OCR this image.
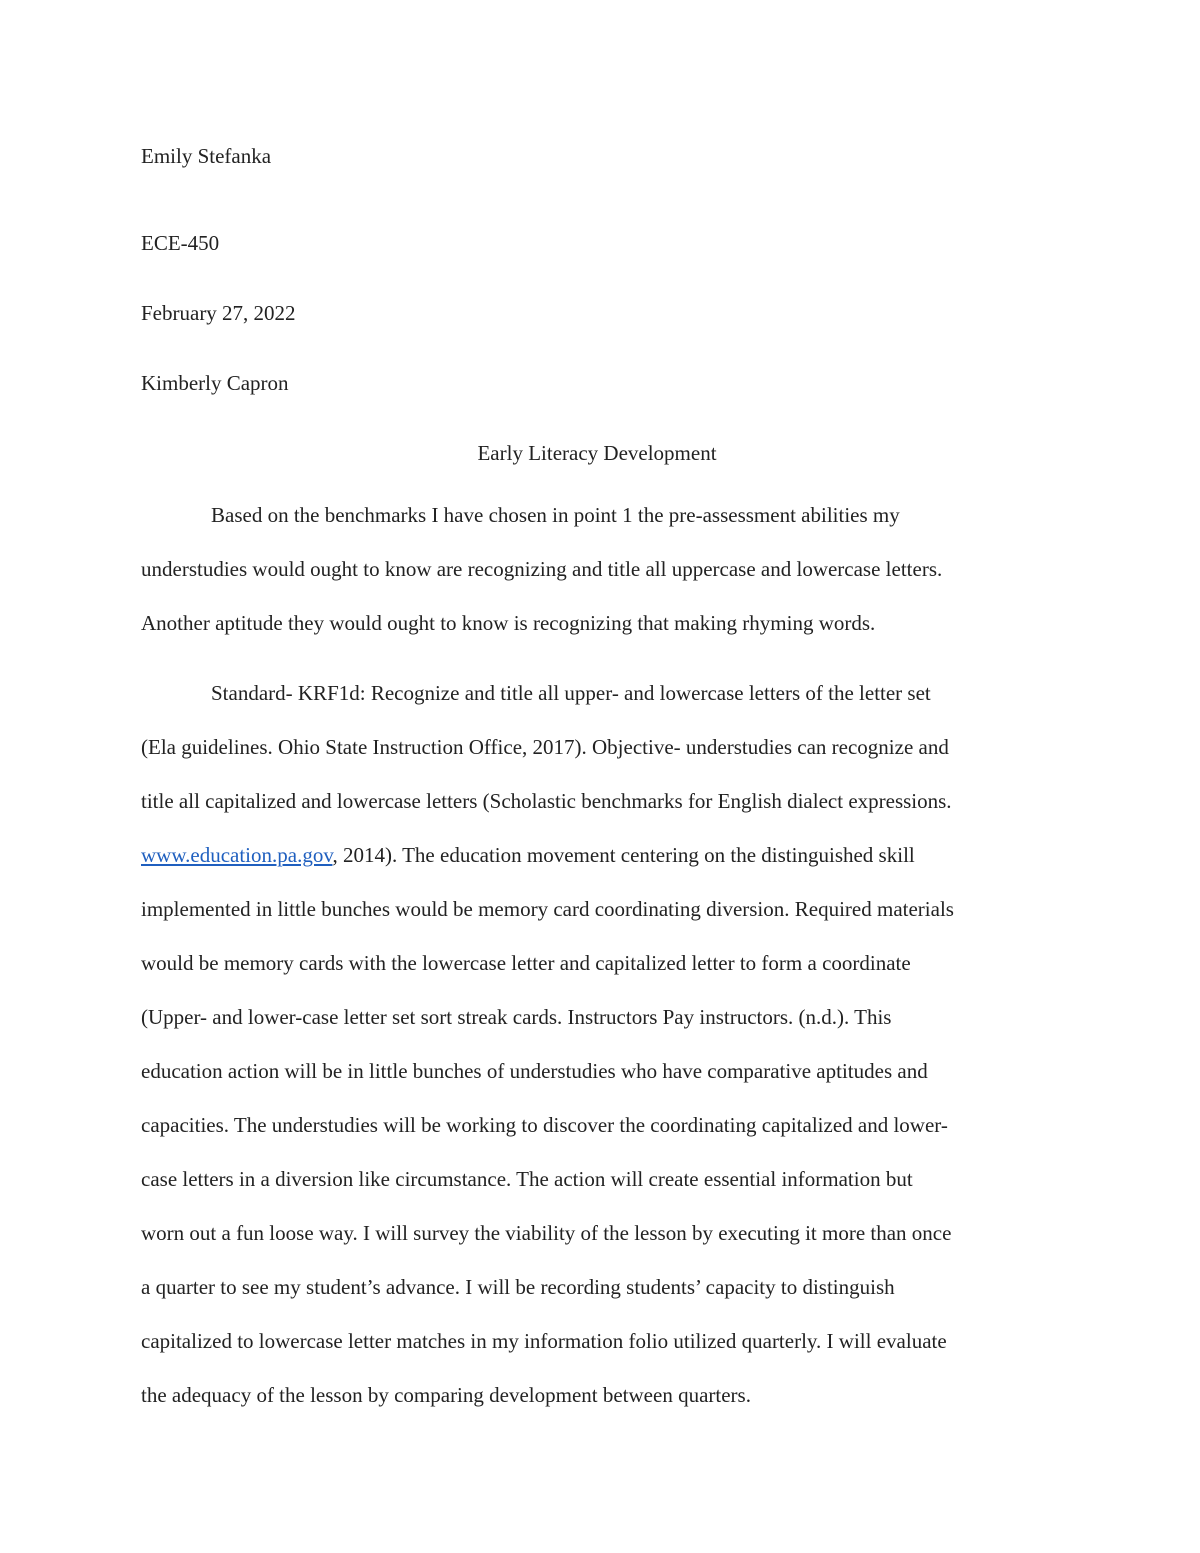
Emily Stefanka

ECE-450

February 27, 2022

Kimberly Capron

Early Literacy Development

Based on the benchmarks I have chosen in point 1 the pre-assessment abilities my
understudies would ought to know are recognizing and title all uppercase and lowercase letters.
Another aptitude they would ought to know is recognizing that making rhyming words.
Standard- KRF1d: Recognize and title all upper- and lowercase letters of the letter set
(Ela guidelines. Ohio State Instruction Office, 2017). Objective- understudies can recognize and
title all capitalized and lowercase letters (Scholastic benchmarks for English dialect expressions.
www.education.pa.gov, 2014). The education movement centering on the distinguished skill
implemented in little bunches would be memory card coordinating diversion. Required materials
would be memory cards with the lowercase letter and capitalized letter to form a coordinate
(Upper- and lower-case letter set sort streak cards. Instructors Pay instructors. (n.d.). This
education action will be in little bunches of understudies who have comparative aptitudes and
capacities. The understudies will be working to discover the coordinating capitalized and lower-
case letters in a diversion like circumstance. The action will create essential information but
worn out a fun loose way. I will survey the viability of the lesson by executing it more than once
a quarter to see my student’s advance. I will be recording students’ capacity to distinguish
capitalized to lowercase letter matches in my information folio utilized quarterly. I will evaluate
the adequacy of the lesson by comparing development between quarters.
